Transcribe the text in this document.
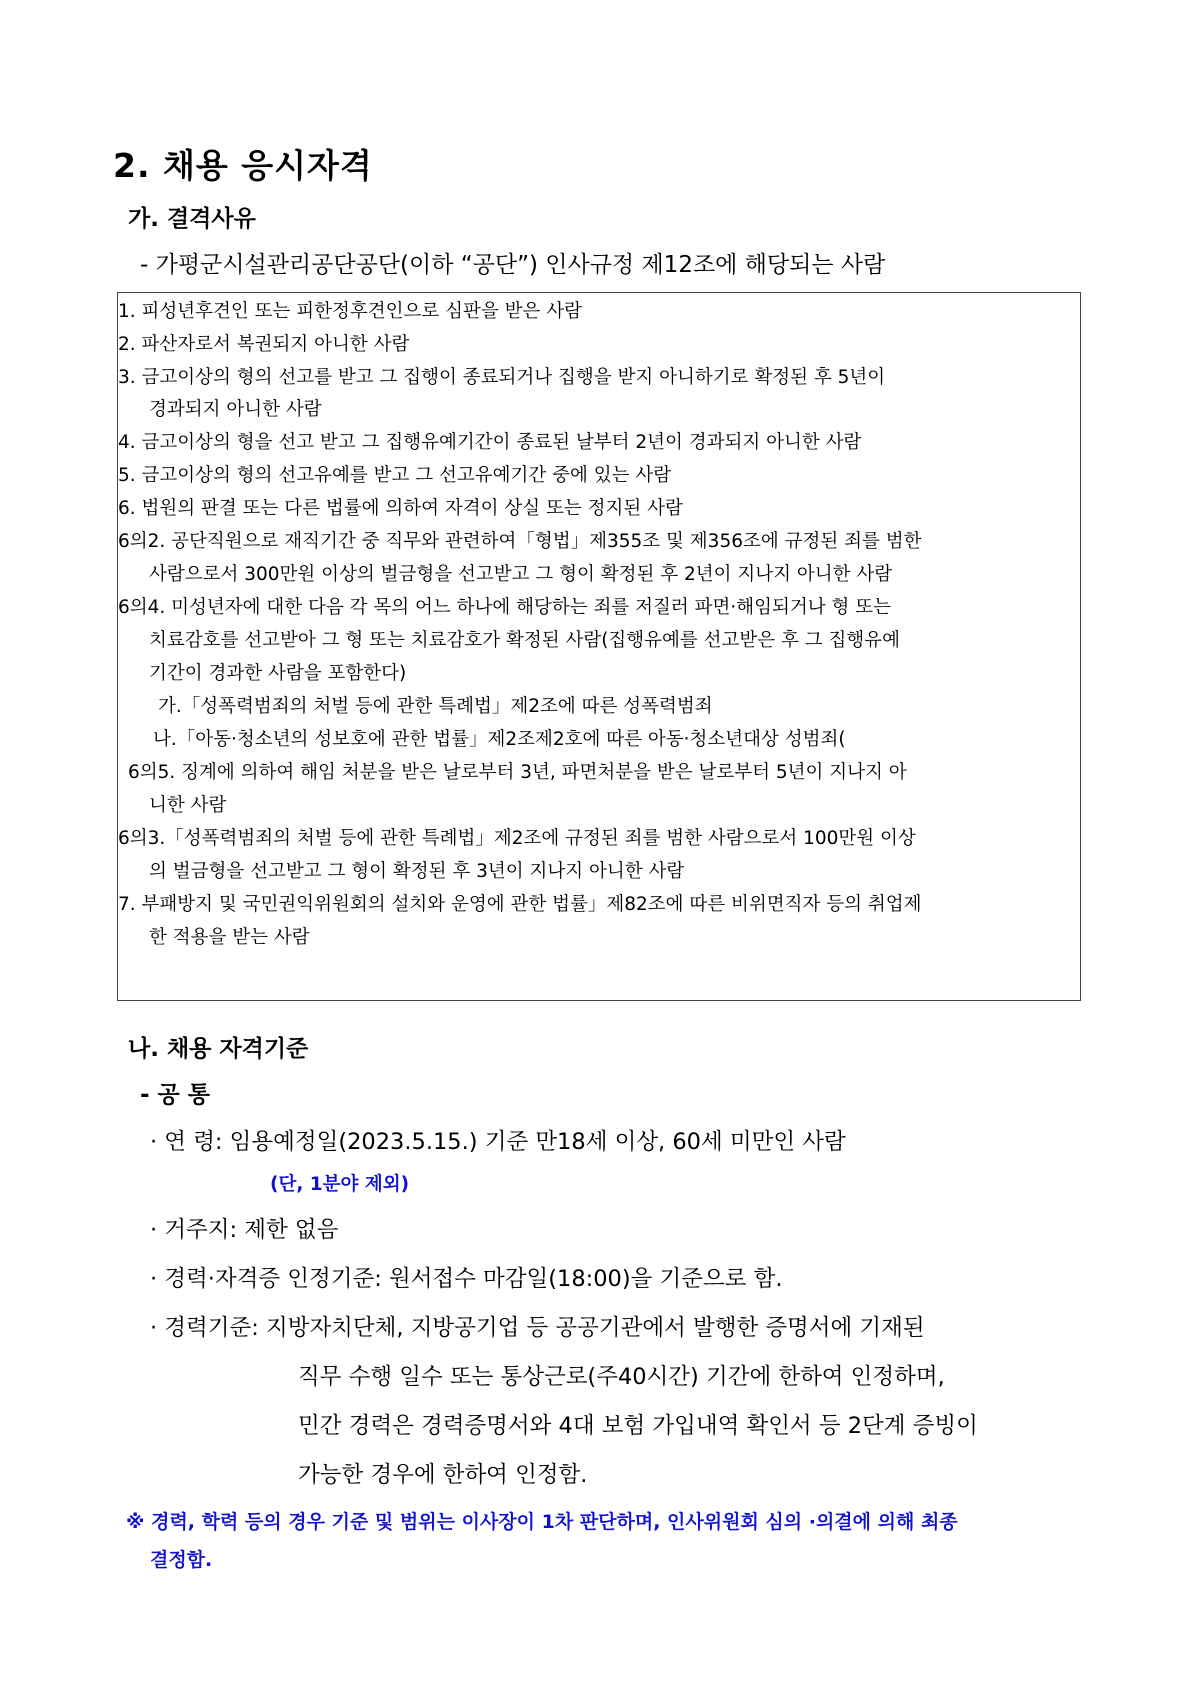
2. 채용 응시자격
가. 결격사유
- 가평군시설관리공단공단(이하 “공단”) 인사규정 제12조에 해당되는 사람
1. 피성년후견인 또는 피한정후견인으로 심판을 받은 사람
2. 파산자로서 복권되지 아니한 사람
3. 금고이상의 형의 선고를 받고 그 집행이 종료되거나 집행을 받지 아니하기로 확정된 후 5년이
경과되지 아니한 사람
4. 금고이상의 형을 선고 받고 그 집행유예기간이 종료된 날부터 2년이 경과되지 아니한 사람
5. 금고이상의 형의 선고유예를 받고 그 선고유예기간 중에 있는 사람
6. 법원의 판결 또는 다른 법률에 의하여 자격이 상실 또는 정지된 사람
6의2. 공단직원으로 재직기간 중 직무와 관련하여「형법」제355조 및 제356조에 규정된 죄를 범한
사람으로서 300만원 이상의 벌금형을 선고받고 그 형이 확정된 후 2년이 지나지 아니한 사람
6의4. 미성년자에 대한 다음 각 목의 어느 하나에 해당하는 죄를 저질러 파면·해임되거나 형 또는
치료감호를 선고받아 그 형 또는 치료감호가 확정된 사람(집행유예를 선고받은 후 그 집행유예
기간이 경과한 사람을 포함한다)
가.「성폭력범죄의 처벌 등에 관한 특례법」제2조에 따른 성폭력범죄
나.「아동·청소년의 성보호에 관한 법률」제2조제2호에 따른 아동·청소년대상 성범죄(
6의5. 징계에 의하여 해임 처분을 받은 날로부터 3년, 파면처분을 받은 날로부터 5년이 지나지 아
니한 사람
6의3.「성폭력범죄의 처벌 등에 관한 특례법」제2조에 규정된 죄를 범한 사람으로서 100만원 이상
의 벌금형을 선고받고 그 형이 확정된 후 3년이 지나지 아니한 사람
7. 부패방지 및 국민권익위원회의 설치와 운영에 관한 법률」제82조에 따른 비위면직자 등의 취업제
한 적용을 받는 사람
나. 채용 자격기준
- 공 통
· 연 령: 임용예정일(2023.5.15.) 기준 만18세 이상, 60세 미만인 사람
(단, 1분야 제외)
· 거주지: 제한 없음
· 경력·자격증 인정기준: 원서접수 마감일(18:00)을 기준으로 함.
· 경력기준: 지방자치단체, 지방공기업 등 공공기관에서 발행한 증명서에 기재된
직무 수행 일수 또는 통상근로(주40시간) 기간에 한하여 인정하며,
민간 경력은 경력증명서와 4대 보험 가입내역 확인서 등 2단계 증빙이
가능한 경우에 한하여 인정함.
※ 경력, 학력 등의 경우 기준 및 범위는 이사장이 1차 판단하며, 인사위원회 심의 ·의결에 의해 최종
결정함.
